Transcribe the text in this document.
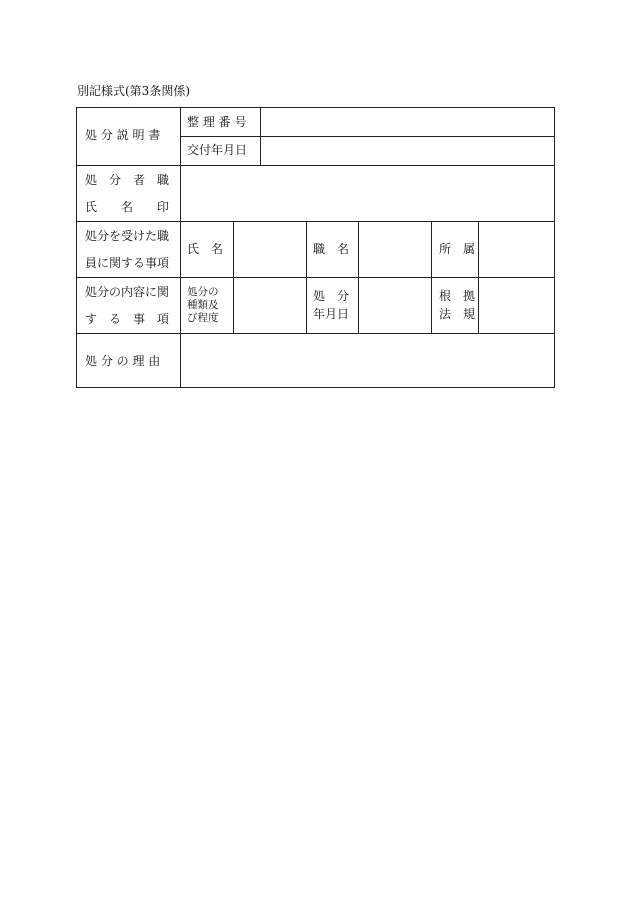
別記様式(第3条関係)
処 分 説 明 書
整 理 番 号
交付年月日
処　分　者　職
氏　　名　　印
処分を受けた職
員に関する事項
氏　名	職　名	所　属
処分の内容に関
す　る　事　項
処分の
種類及
び程度
処　分
年月日
根　拠
法　規
処 分 の 理 由
